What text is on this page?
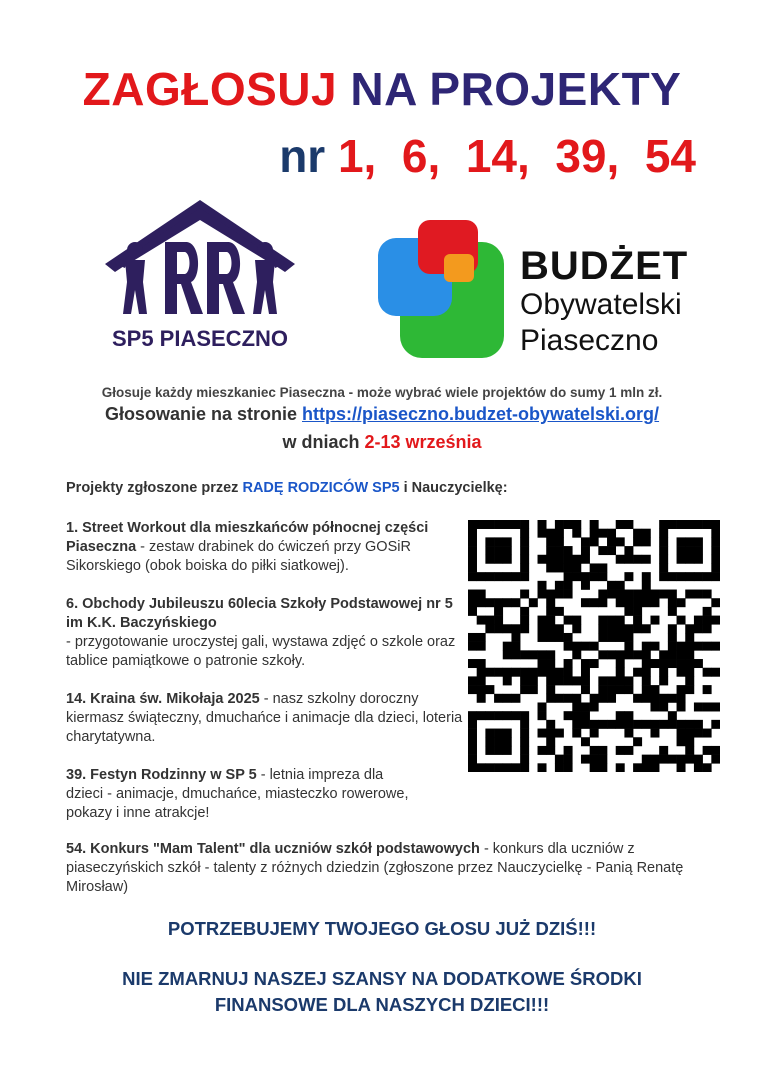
ZAGŁOSUJ NA PROJEKTY
nr 1,  6,  14,  39,  54
SP5 PIASECZNO
BUDŻET
Obywatelski
Piaseczno
Głosuje każdy mieszkaniec Piaseczna - może wybrać wiele projektów do sumy 1 mln zł.
Głosowanie na stronie https://piaseczno.budzet-obywatelski.org/
w dniach 2-13 września
Projekty zgłoszone przez RADĘ RODZICÓW SP5 i Nauczycielkę:
1. Street Workout dla mieszkańców północnej części Piaseczna - zestaw drabinek do ćwiczeń przy GOSiR Sikorskiego (obok boiska do piłki siatkowej).
6. Obchody Jubileuszu 60lecia Szkoły Podstawowej nr 5 im K.K. Baczyńskiego
- przygotowanie uroczystej gali, wystawa zdjęć o szkole oraz tablice pamiątkowe o patronie szkoły.
14. Kraina św. Mikołaja 2025 - nasz szkolny doroczny kiermasz świąteczny, dmuchańce i animacje dla dzieci, loteria charytatywna.
39. Festyn Rodzinny w SP 5 - letnia impreza dla dzieci - animacje, dmuchańce, miasteczko rowerowe, pokazy i inne atrakcje!
54. Konkurs "Mam Talent" dla uczniów szkół podstawowych - konkurs dla uczniów z piaseczyńskich szkół - talenty z różnych dziedzin (zgłoszone przez Nauczycielkę - Panią Renatę Mirosław)
POTRZEBUJEMY TWOJEGO GŁOSU JUŻ DZIŚ!!!
NIE ZMARNUJ NASZEJ SZANSY NA DODATKOWE ŚRODKI
FINANSOWE DLA NASZYCH DZIECI!!!
